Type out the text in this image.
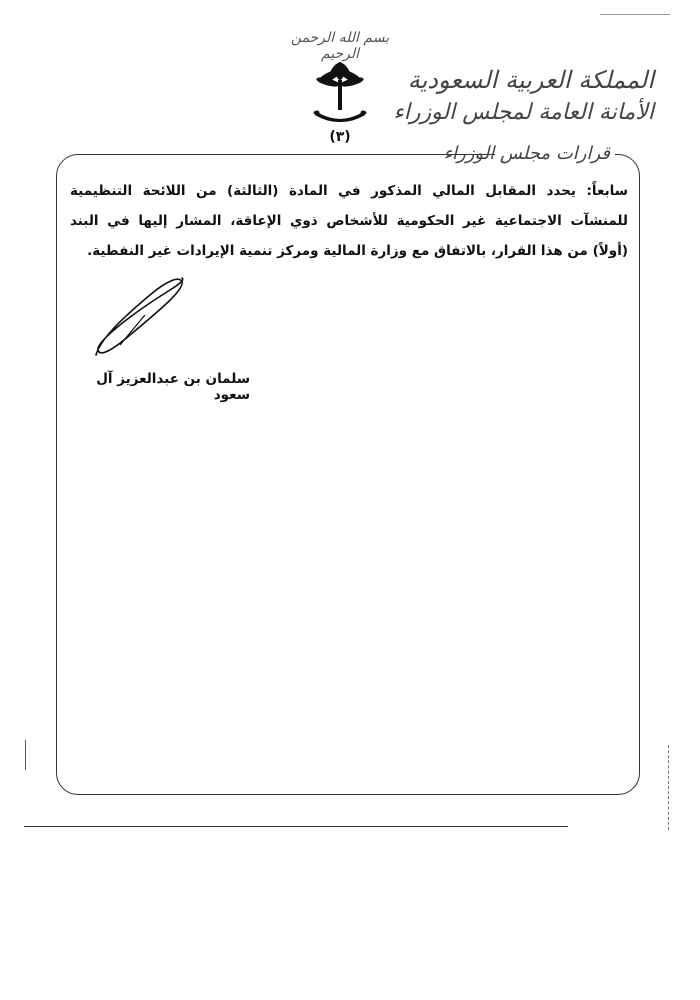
بسم الله الرحمن الرحيم
(٣)
المملكة العربية السعودية
الأمانة العامة لمجلس الوزراء
قرارات مجلس الوزراء
سابعاً: يحدد المقابل المالي المذكور في المادة (الثالثة) من اللائحة التنظيمية للمنشآت الاجتماعية غير الحكومية للأشخاص ذوي الإعاقة، المشار إليها في البند (أولاً) من هذا القرار، بالاتفاق مع وزارة المالية ومركز تنمية الإيرادات غير النفطية.
سلمان بن عبدالعزيز آل سعود
